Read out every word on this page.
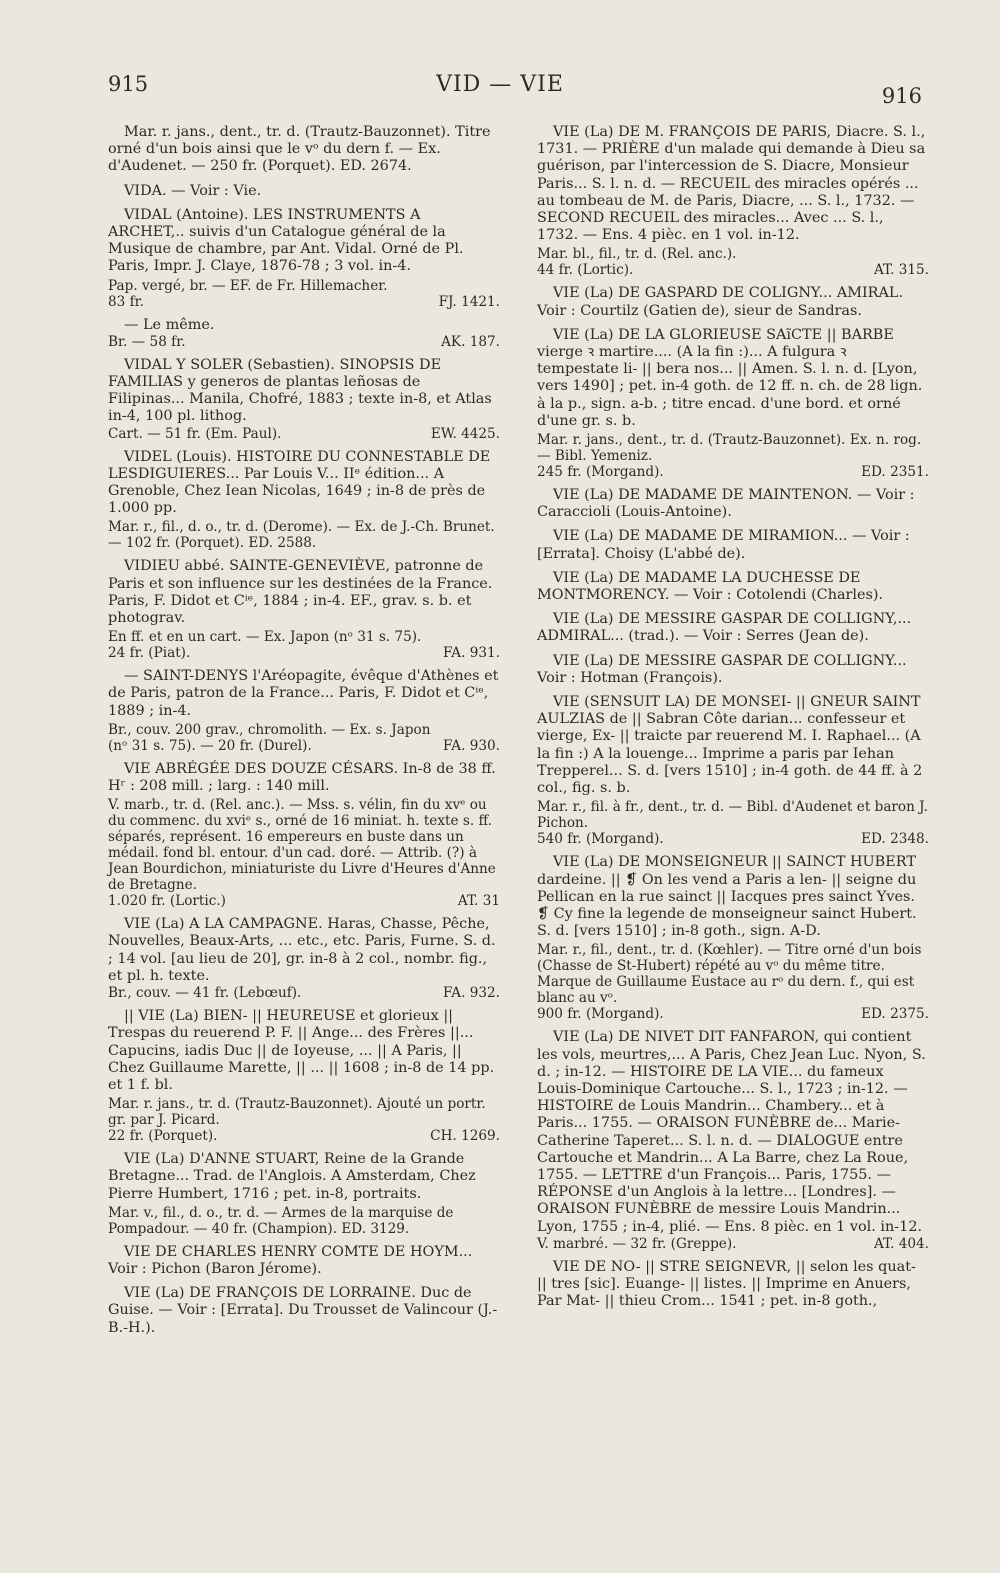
915	VID — VIE	916

Mar. r. jans., dent., tr. d. (Trautz-Bauzonnet). Titre orné d'un bois ainsi que le vᵒ du dern f. — Ex. d'Audenet. — 250 fr. (Porquet). ED. 2674.

VIDA. — Voir : Vie.

VIDAL (Antoine). LES INSTRUMENTS A ARCHET,.. suivis d'un Catalogue général de la Musique de chambre, par Ant. Vidal. Orné de Pl. Paris, Impr. J. Claye, 1876-78 ; 3 vol. in-4.

Pap. vergé, br. — EF. de Fr. Hillemacher.

83 fr.	FJ. 1421.

— Le même.

Br. — 58 fr.	AK. 187.

VIDAL Y SOLER (Sebastien). SINOPSIS DE FAMILIAS y generos de plantas leñosas de Filipinas... Manila, Chofré, 1883 ; texte in-8, et Atlas in-4, 100 pl. lithog.

Cart. — 51 fr. (Em. Paul).	EW. 4425.

VIDEL (Louis). HISTOIRE DU CONNESTABLE DE LESDIGUIERES... Par Louis V... IIᵉ édition... A Grenoble, Chez Iean Nicolas, 1649 ; in-8 de près de 1.000 pp.

Mar. r., fil., d. o., tr. d. (Derome). — Ex. de J.-Ch. Brunet. — 102 fr. (Porquet). ED. 2588.

VIDIEU abbé. SAINTE-GENEVIÈVE, patronne de Paris et son influence sur les destinées de la France. Paris, F. Didot et Cⁱᵉ, 1884 ; in-4. EF., grav. s. b. et photograv.

En ff. et en un cart. — Ex. Japon (nᵒ 31 s. 75).

24 fr. (Piat).	FA. 931.

— SAINT-DENYS l'Aréopagite, évêque d'Athènes et de Paris, patron de la France... Paris, F. Didot et Cⁱᵉ, 1889 ; in-4.

Br., couv. 200 grav., chromolith. — Ex. s. Japon

(nᵒ 31 s. 75). — 20 fr. (Durel).	FA. 930.

VIE ABRÉGÉE DES DOUZE CÉSARS. In-8 de 38 ff. Hʳ : 208 mill. ; larg. : 140 mill.

V. marb., tr. d. (Rel. anc.). — Mss. s. vélin, fin du xvᵉ ou du commenc. du xviᵉ s., orné de 16 miniat. h. texte s. ff. séparés, représent. 16 empereurs en buste dans un médail. fond bl. entour. d'un cad. doré. — Attrib. (?) à Jean Bourdichon, miniaturiste du Livre d'Heures d'Anne de Bretagne.

1.020 fr. (Lortic.)	AT. 31

VIE (La) A LA CAMPAGNE. Haras, Chasse, Pêche, Nouvelles, Beaux-Arts, ... etc., etc. Paris, Furne. S. d. ; 14 vol. [au lieu de 20], gr. in-8 à 2 col., nombr. fig., et pl. h. texte.

Br., couv. — 41 fr. (Lebœuf).	FA. 932.

|| VIE (La) BIEN- || HEUREUSE et glorieux || Trespas du reuerend P. F. || Ange... des Frères ||... Capucins, iadis Duc || de Ioyeuse, ... || A Paris, || Chez Guillaume Marette, || ... || 1608 ; in-8 de 14 pp. et 1 f. bl.

Mar. r. jans., tr. d. (Trautz-Bauzonnet). Ajouté un portr. gr. par J. Picard.

22 fr. (Porquet).	CH. 1269.

VIE (La) D'ANNE STUART, Reine de la Grande Bretagne... Trad. de l'Anglois. A Amsterdam, Chez Pierre Humbert, 1716 ; pet. in-8, portraits.

Mar. v., fil., d. o., tr. d. — Armes de la marquise de Pompadour. — 40 fr. (Champion). ED. 3129.

VIE DE CHARLES HENRY COMTE DE HOYM... Voir : Pichon (Baron Jérome).

VIE (La) DE FRANÇOIS DE LORRAINE. Duc de Guise. — Voir : [Errata]. Du Trousset de Valincour (J.-B.-H.).

VIE (La) DE M. FRANÇOIS DE PARIS, Diacre. S. l., 1731. — PRIÈRE d'un malade qui demande à Dieu sa guérison, par l'intercession de S. Diacre, Monsieur Paris... S. l. n. d. — RECUEIL des miracles opérés ... au tombeau de M. de Paris, Diacre, ... S. l., 1732. — SECOND RECUEIL des miracles... Avec ... S. l., 1732. — Ens. 4 pièc. en 1 vol. in-12.

Mar. bl., fil., tr. d. (Rel. anc.).

44 fr. (Lortic).	AT. 315.

VIE (La) DE GASPARD DE COLIGNY... AMIRAL. Voir : Courtilz (Gatien de), sieur de Sandras.

VIE (La) DE LA GLORIEUSE SAĩCTE || BARBE vierge ꝛ martire.... (A la fin :)... A fulgura ꝛ tempestate li- || bera nos... || Amen. S. l. n. d. [Lyon, vers 1490] ; pet. in-4 goth. de 12 ff. n. ch. de 28 lign. à la p., sign. a-b. ; titre encad. d'une bord. et orné d'une gr. s. b.

Mar. r. jans., dent., tr. d. (Trautz-Bauzonnet). Ex. n. rog. — Bibl. Yemeniz.

245 fr. (Morgand).	ED. 2351.

VIE (La) DE MADAME DE MAINTENON. — Voir : Caraccioli (Louis-Antoine).

VIE (La) DE MADAME DE MIRAMION... — Voir : [Errata]. Choisy (L'abbé de).

VIE (La) DE MADAME LA DUCHESSE DE MONTMORENCY. — Voir : Cotolendi (Charles).

VIE (La) DE MESSIRE GASPAR DE COLLIGNY,... ADMIRAL... (trad.). — Voir : Serres (Jean de).

VIE (La) DE MESSIRE GASPAR DE COLLIGNY... Voir : Hotman (François).

VIE (SENSUIT LA) DE MONSEI- || GNEUR SAINT AULZIAS de || Sabran Côte darian... confesseur et vierge, Ex- || traicte par reuerend M. I. Raphael... (A la fin :) A la louenge... Imprime a paris par Iehan Trepperel... S. d. [vers 1510] ; in-4 goth. de 44 ff. à 2 col., fig. s. b.

Mar. r., fil. à fr., dent., tr. d. — Bibl. d'Audenet et baron J. Pichon.

540 fr. (Morgand).	ED. 2348.

VIE (La) DE MONSEIGNEUR || SAINCT HUBERT dardeine. || ❡ On les vend a Paris a len- || seigne du Pellican en la rue sainct || Iacques pres sainct Yves. ❡ Cy fine la legende de monseigneur sainct Hubert. S. d. [vers 1510] ; in-8 goth., sign. A-D.

Mar. r., fil., dent., tr. d. (Kœhler). — Titre orné d'un bois (Chasse de St-Hubert) répété au vᵒ du même titre. Marque de Guillaume Eustace au rᵒ du dern. f., qui est blanc au vᵒ.

900 fr. (Morgand).	ED. 2375.

VIE (La) DE NIVET DIT FANFARON, qui contient les vols, meurtres,... A Paris, Chez Jean Luc. Nyon, S. d. ; in-12. — HISTOIRE DE LA VIE... du fameux Louis-Dominique Cartouche... S. l., 1723 ; in-12. — HISTOIRE de Louis Mandrin... Chambery... et à Paris... 1755. — ORAISON FUNÈBRE de... Marie-Catherine Taperet... S. l. n. d. — DIALOGUE entre Cartouche et Mandrin... A La Barre, chez La Roue, 1755. — LETTRE d'un François... Paris, 1755. — RÉPONSE d'un Anglois à la lettre... [Londres]. — ORAISON FUNÈBRE de messire Louis Mandrin... Lyon, 1755 ; in-4, plié. — Ens. 8 pièc. en 1 vol. in-12.

V. marbré. — 32 fr. (Greppe).	AT. 404.

VIE DE NO- || STRE SEIGNEVR, || selon les quat- || tres [sic]. Euange- || listes. || Imprime en Anuers, Par Mat- || thieu Crom... 1541 ; pet. in-8 goth.,
